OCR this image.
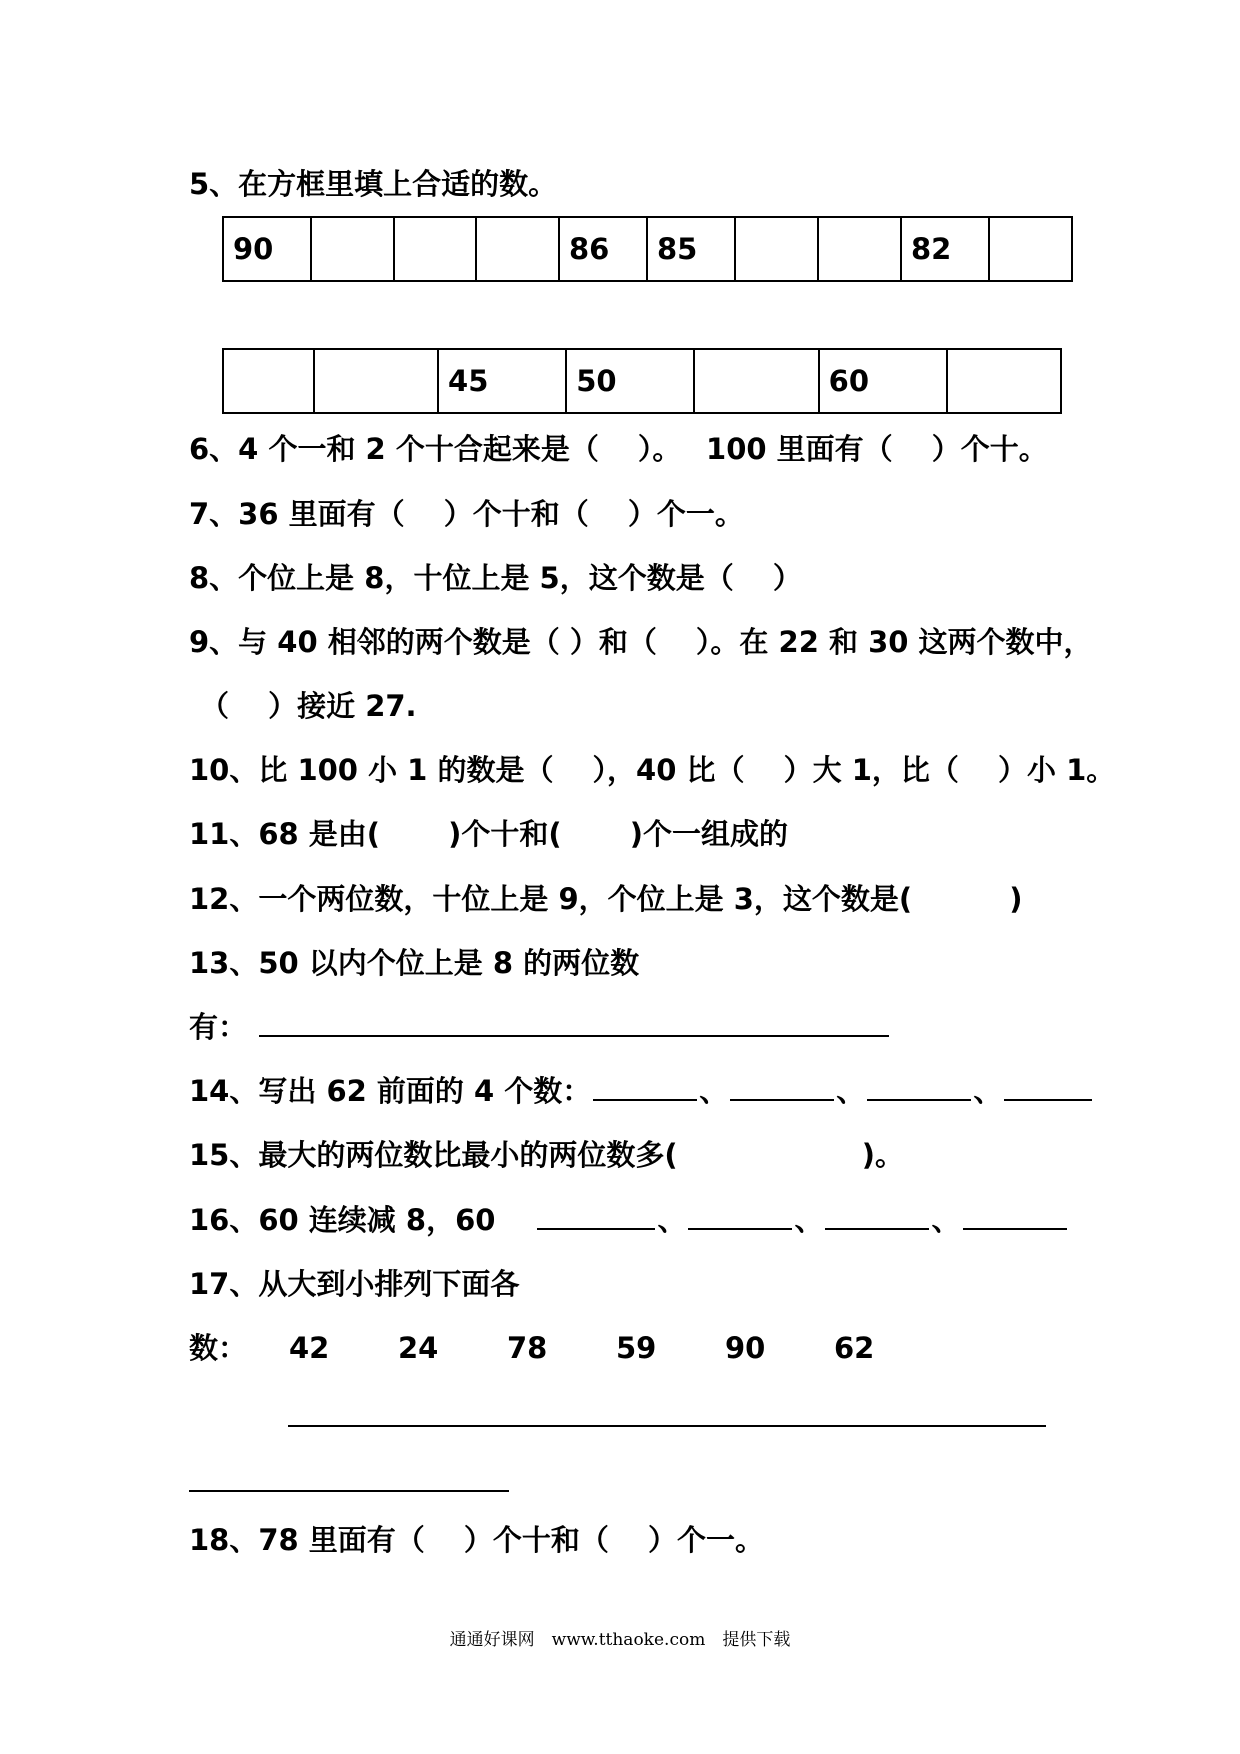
5、在方框里填上合适的数。
90				86	85			82	
		45	50		60	
6、4 个一和 2 个十合起来是（　 ）。　 100 里面有（　 ）个十。
7、36 里面有（　 ）个十和（　 ）个一。
8、个位上是 8，十位上是 5，这个数是（　 ）
9、与 40 相邻的两个数是（ ）和（　 ）。在 22 和 30 这两个数中，
（　 ）接近 27.
10、比 100 小 1 的数是（　 ），40 比（　 ）大 1，比（　 ）小 1。
11、68 是由(　　 )个十和(　　 )个一组成的
12、一个两位数，十位上是 9，个位上是 3，这个数是(　　　 )
13、50 以内个位上是 8 的两位数
有：
14、写出 62 前面的 4 个数：	、	、	、
15、最大的两位数比最小的两位数多(　　　　　　 )。
16、60 连续减 8，60	、	、	、
17、从大到小排列下面各
数： 42 24 78 59 90 62
18、78 里面有（　 ）个十和（　 ）个一。
通通好课网　www.tthaoke.com　提供下载
